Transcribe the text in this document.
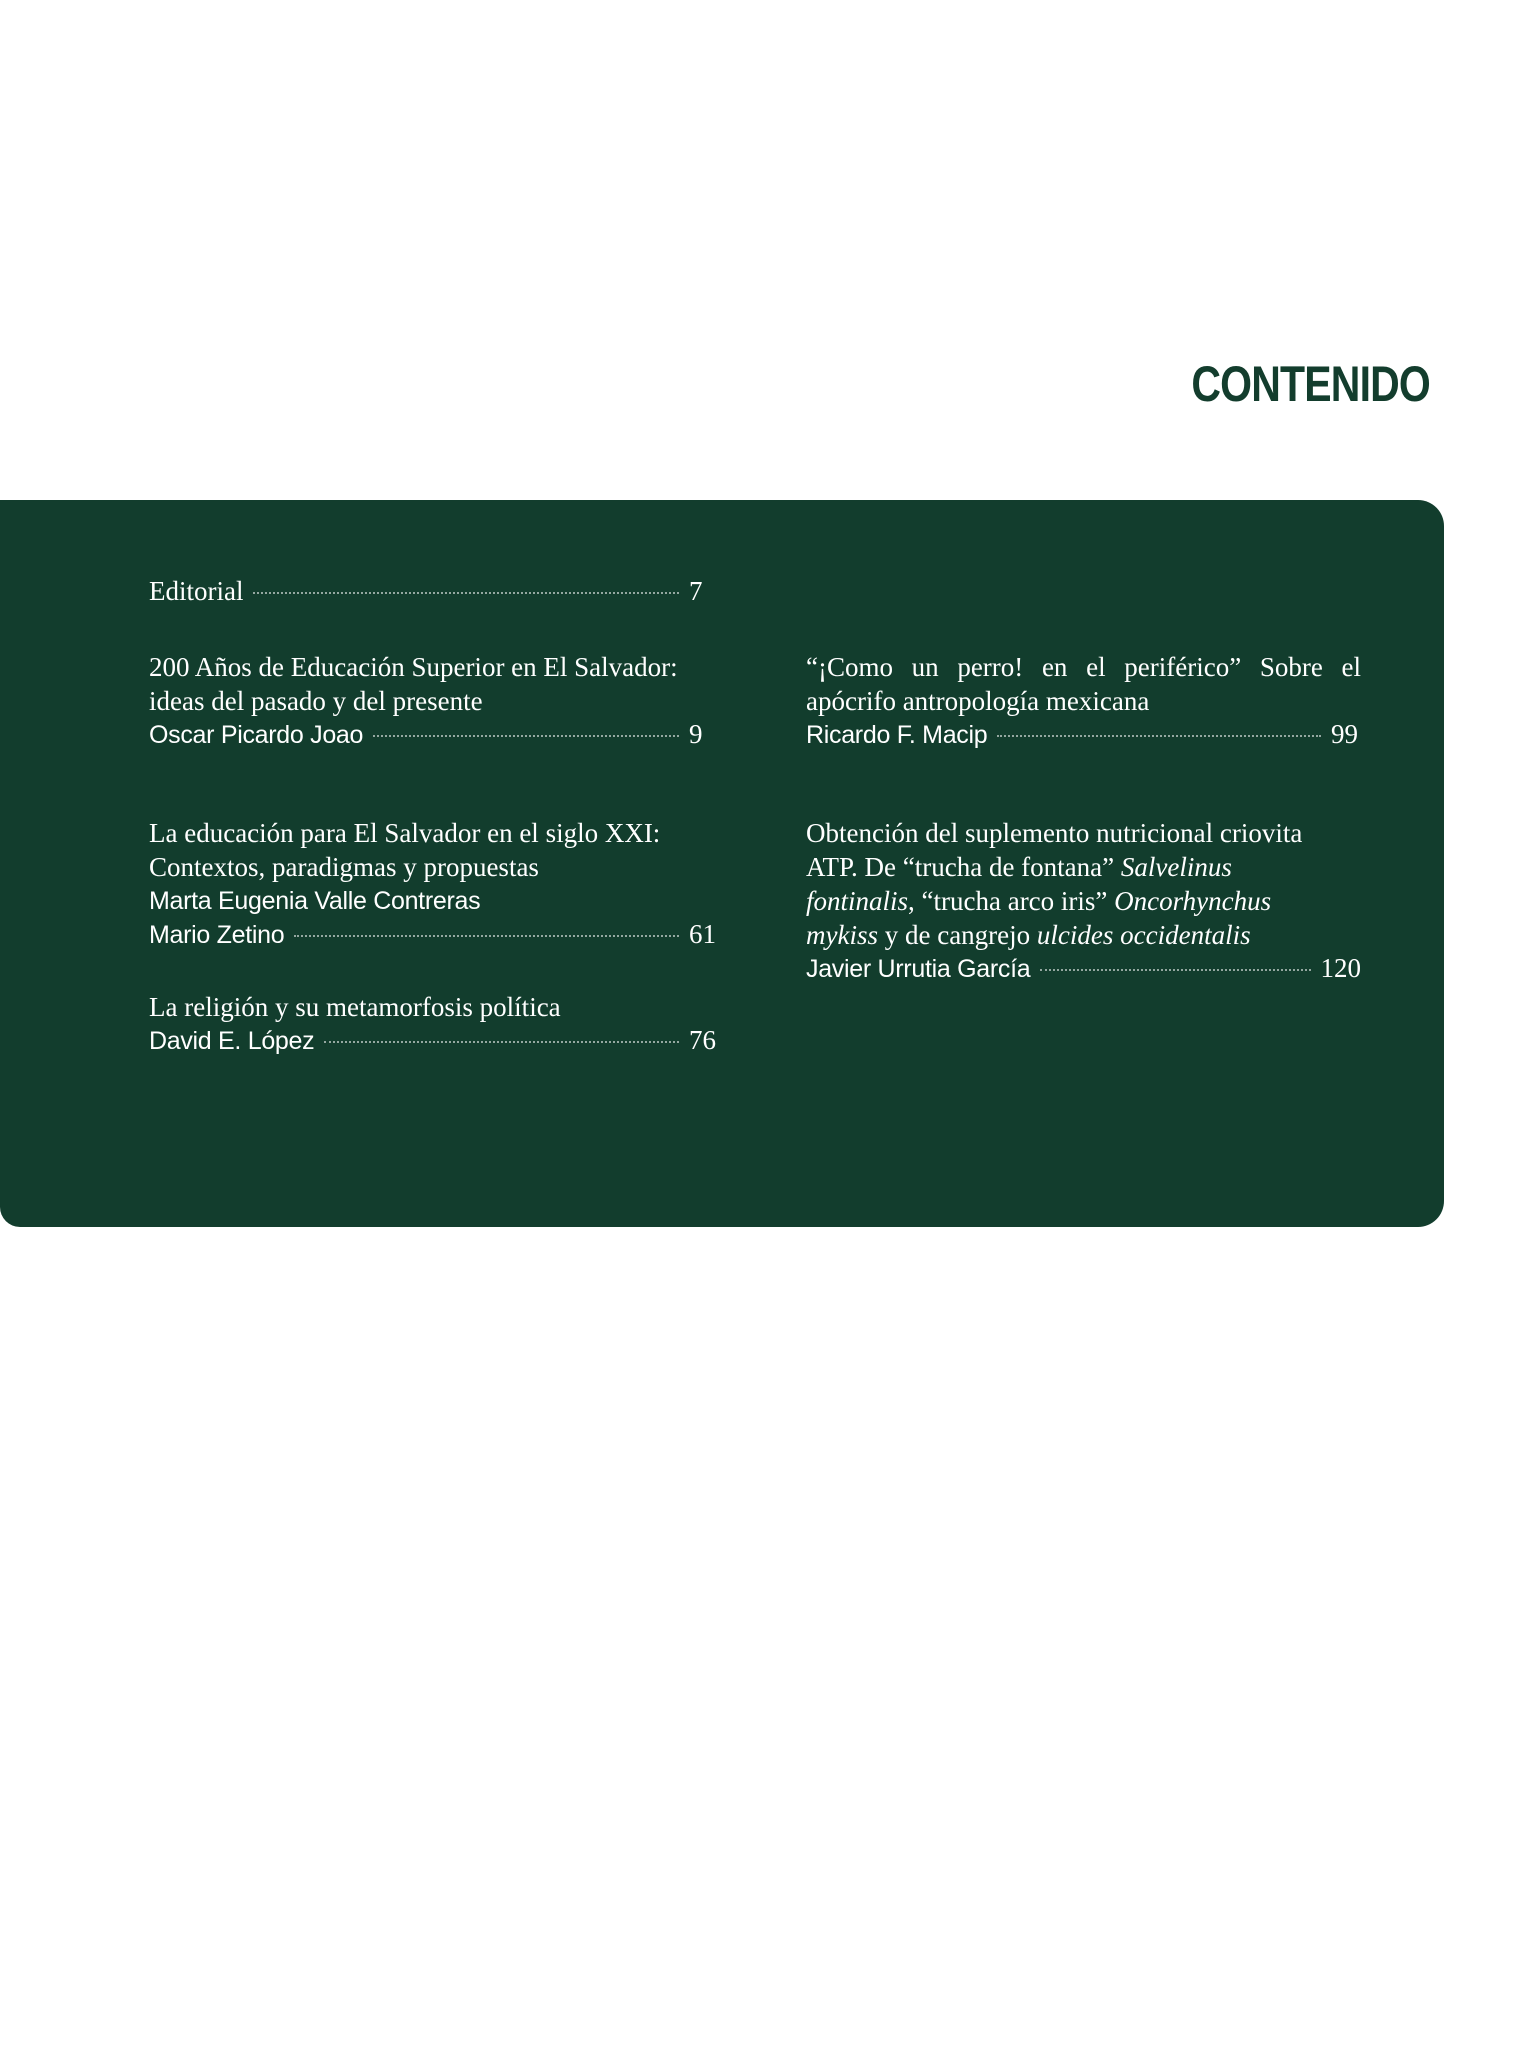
CONTENIDO
Editorial	7
200 Años de Educación Superior en El Salvador:
ideas del pasado y del presente
Oscar Picardo Joao	9
La educación para El Salvador en el siglo XXI:
Contextos, paradigmas y propuestas
Marta Eugenia Valle Contreras
Mario Zetino	61
La religión y su metamorfosis política
David E. López	76
“¡Como un perro! en el periférico” Sobre el
apócrifo antropología mexicana
Ricardo F. Macip	99
Obtención del suplemento nutricional criovita
ATP. De “trucha de fontana” Salvelinus
fontinalis, “trucha arco iris” Oncorhynchus
mykiss y de cangrejo ulcides occidentalis
Javier Urrutia García	120
